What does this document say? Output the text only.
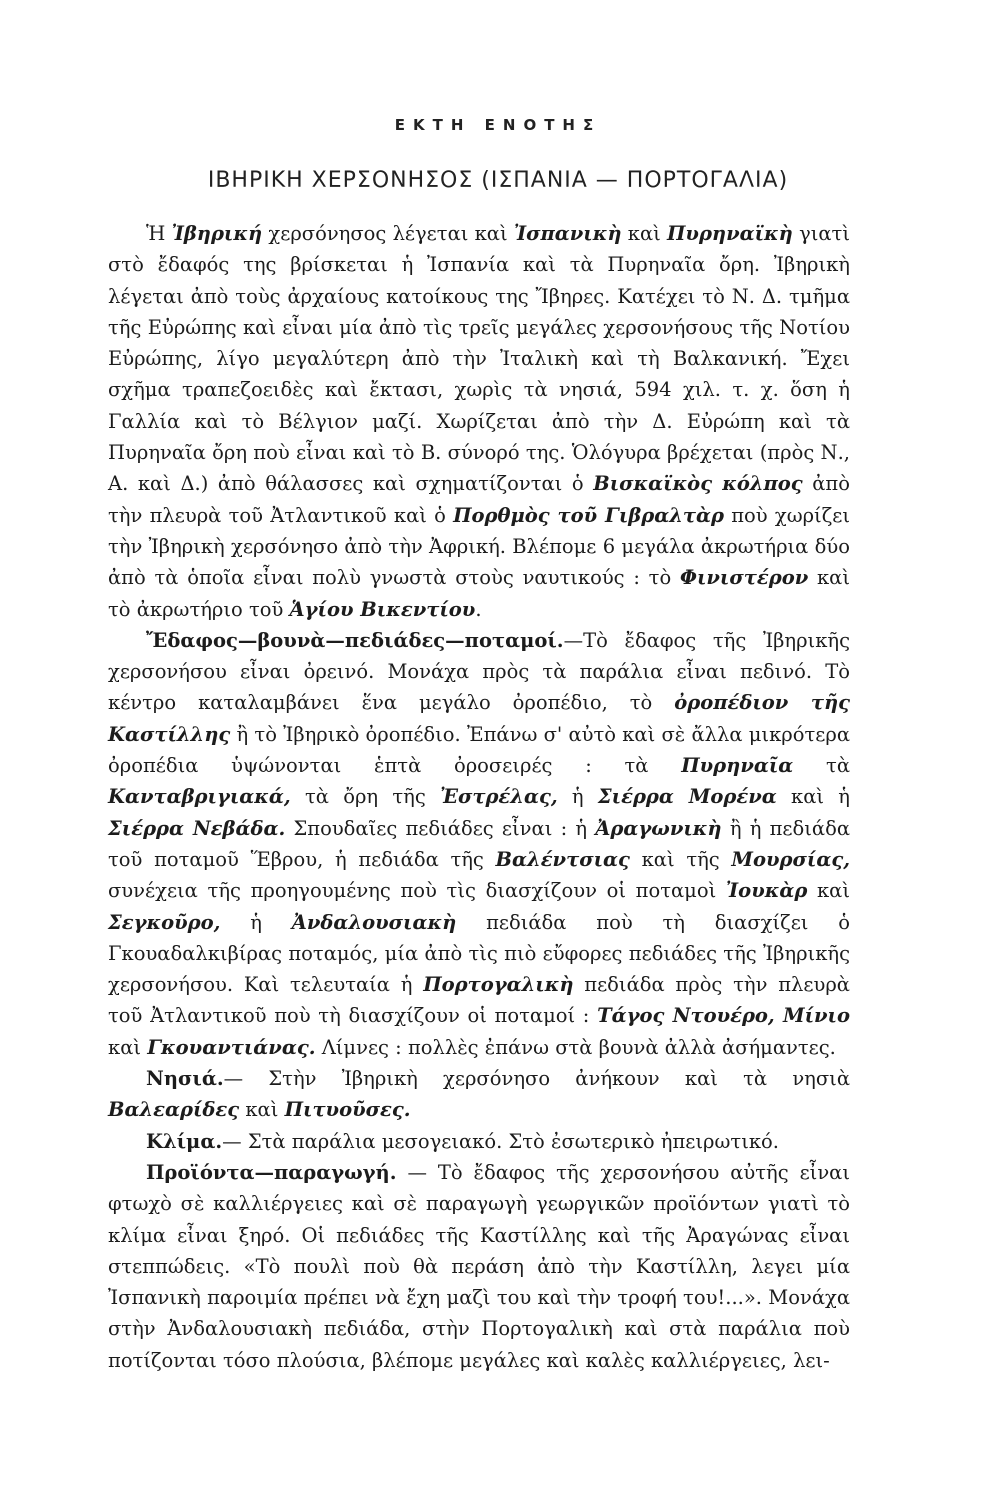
ΕΚΤΗ ΕΝΟΤΗΣ
ΙΒΗΡΙΚΗ ΧΕΡΣΟΝΗΣΟΣ (ΙΣΠΑΝΙΑ — ΠΟΡΤΟΓΑΛΙΑ)

Ἡ Ἰβηρική χερσόνησος λέγεται καὶ Ἰσπανικὴ καὶ Πυρηναϊκὴ γιατὶ στὸ ἔδαφός της βρίσκεται ἡ Ἰσπανία καὶ τὰ Πυρηναῖα ὄρη. Ἰβηρικὴ λέγεται ἀπὸ τοὺς ἀρχαίους κατοίκους της Ἴβηρες. Κατέχει τὸ Ν. Δ. τμῆμα τῆς Εὐρώπης καὶ εἶναι μία ἀπὸ τὶς τρεῖς μεγάλες χερσονήσους τῆς Νοτίου Εὐρώπης, λίγο μεγαλύτερη ἀπὸ τὴν Ἰταλικὴ καὶ τὴ Βαλκανική. Ἔχει σχῆμα τραπεζοειδὲς καὶ ἔκτασι, χωρὶς τὰ νησιά, 594 χιλ. τ. χ. ὅση ἡ Γαλλία καὶ τὸ Βέλγιον μαζί. Χωρίζεται ἀπὸ τὴν Δ. Εὐρώπη καὶ τὰ Πυρηναῖα ὄρη ποὺ εἶναι καὶ τὸ Β. σύνορό της. Ὁλόγυρα βρέχεται (πρὸς Ν., Α. καὶ Δ.) ἀπὸ θάλασσες καὶ σχηματίζονται ὁ Βισκαϊκὸς κόλπος ἀπὸ τὴν πλευρὰ τοῦ Ἀτλαντικοῦ καὶ ὁ Πορθμὸς τοῦ Γιβραλτὰρ ποὺ χωρίζει τὴν Ἰβηρικὴ χερσόνησο ἀπὸ τὴν Ἀφρική. Βλέπομε 6 μεγάλα ἀκρωτήρια δύο ἀπὸ τὰ ὁποῖα εἶναι πολὺ γνωστὰ στοὺς ναυτικούς : τὸ Φινιστέρον καὶ τὸ ἀκρωτήριο τοῦ Ἁγίου Βικεντίου.

Ἔδαφος—βουνὰ—πεδιάδες—ποταμοί.—Τὸ ἔδαφος τῆς Ἰβηρικῆς χερσονήσου εἶναι ὀρεινό. Μονάχα πρὸς τὰ παράλια εἶναι πεδινό. Τὸ κέντρο καταλαμβάνει ἕνα μεγάλο ὀροπέδιο, τὸ ὀροπέδιον τῆς Καστίλλης ἢ τὸ Ἰβηρικὸ ὀροπέδιο. Ἐπάνω σ' αὐτὸ καὶ σὲ ἄλλα μικρότερα ὀροπέδια ὑψώνονται ἑπτὰ ὀροσειρές : τὰ Πυρηναῖα τὰ Κανταβριγιακά, τὰ ὄρη τῆς Ἐστρέλας, ἡ Σιέρρα Μορένα καὶ ἡ Σιέρρα Νεβάδα. Σπουδαῖες πεδιάδες εἶναι : ἡ Ἀραγωνικὴ ἢ ἡ πεδιάδα τοῦ ποταμοῦ Ἕβρου, ἡ πεδιάδα τῆς Βαλέντσιας καὶ τῆς Μουρσίας, συνέχεια τῆς προηγουμένης ποὺ τὶς διασχίζουν οἱ ποταμοὶ Ἰουκὰρ καὶ Σεγκοῦρο, ἡ Ἀνδαλουσιακὴ πεδιάδα ποὺ τὴ διασχίζει ὁ Γκουαδαλκιβίρας ποταμός, μία ἀπὸ τὶς πιὸ εὔφορες πεδιάδες τῆς Ἰβηρικῆς χερσονήσου. Καὶ τελευταία ἡ Πορτογαλικὴ πεδιάδα πρὸς τὴν πλευρὰ τοῦ Ἀτλαντικοῦ ποὺ τὴ διασχίζουν οἱ ποταμοί : Τάγος Ντουέρο, Μίνιο καὶ Γκουαντιάνας. Λίμνες : πολλὲς ἐπάνω στὰ βουνὰ ἀλλὰ ἀσήμαντες.

Νησιά.— Στὴν Ἰβηρικὴ χερσόνησο ἀνήκουν καὶ τὰ νησιὰ Βαλεαρίδες καὶ Πιτυοῦσες.

Κλίμα.— Στὰ παράλια μεσογειακό. Στὸ ἐσωτερικὸ ἠπειρωτικό.

Προϊόντα—παραγωγή. — Τὸ ἔδαφος τῆς χερσονήσου αὐτῆς εἶναι φτωχὸ σὲ καλλιέργειες καὶ σὲ παραγωγὴ γεωργικῶν προϊόντων γιατὶ τὸ κλίμα εἶναι ξηρό. Οἱ πεδιάδες τῆς Καστίλλης καὶ τῆς Ἀραγώνας εἶναι στεππώδεις. «Τὸ πουλὶ ποὺ θὰ περάση ἀπὸ τὴν Καστίλλη, λεγει μία Ἰσπανικὴ παροιμία πρέπει νὰ ἔχη μαζὶ του καὶ τὴν τροφή του!...». Μονάχα στὴν Ἀνδαλουσιακὴ πεδιάδα, στὴν Πορτογαλικὴ καὶ στὰ παράλια ποὺ ποτίζονται τόσο πλούσια, βλέπομε μεγάλες καὶ καλὲς καλλιέργειες, λει-
